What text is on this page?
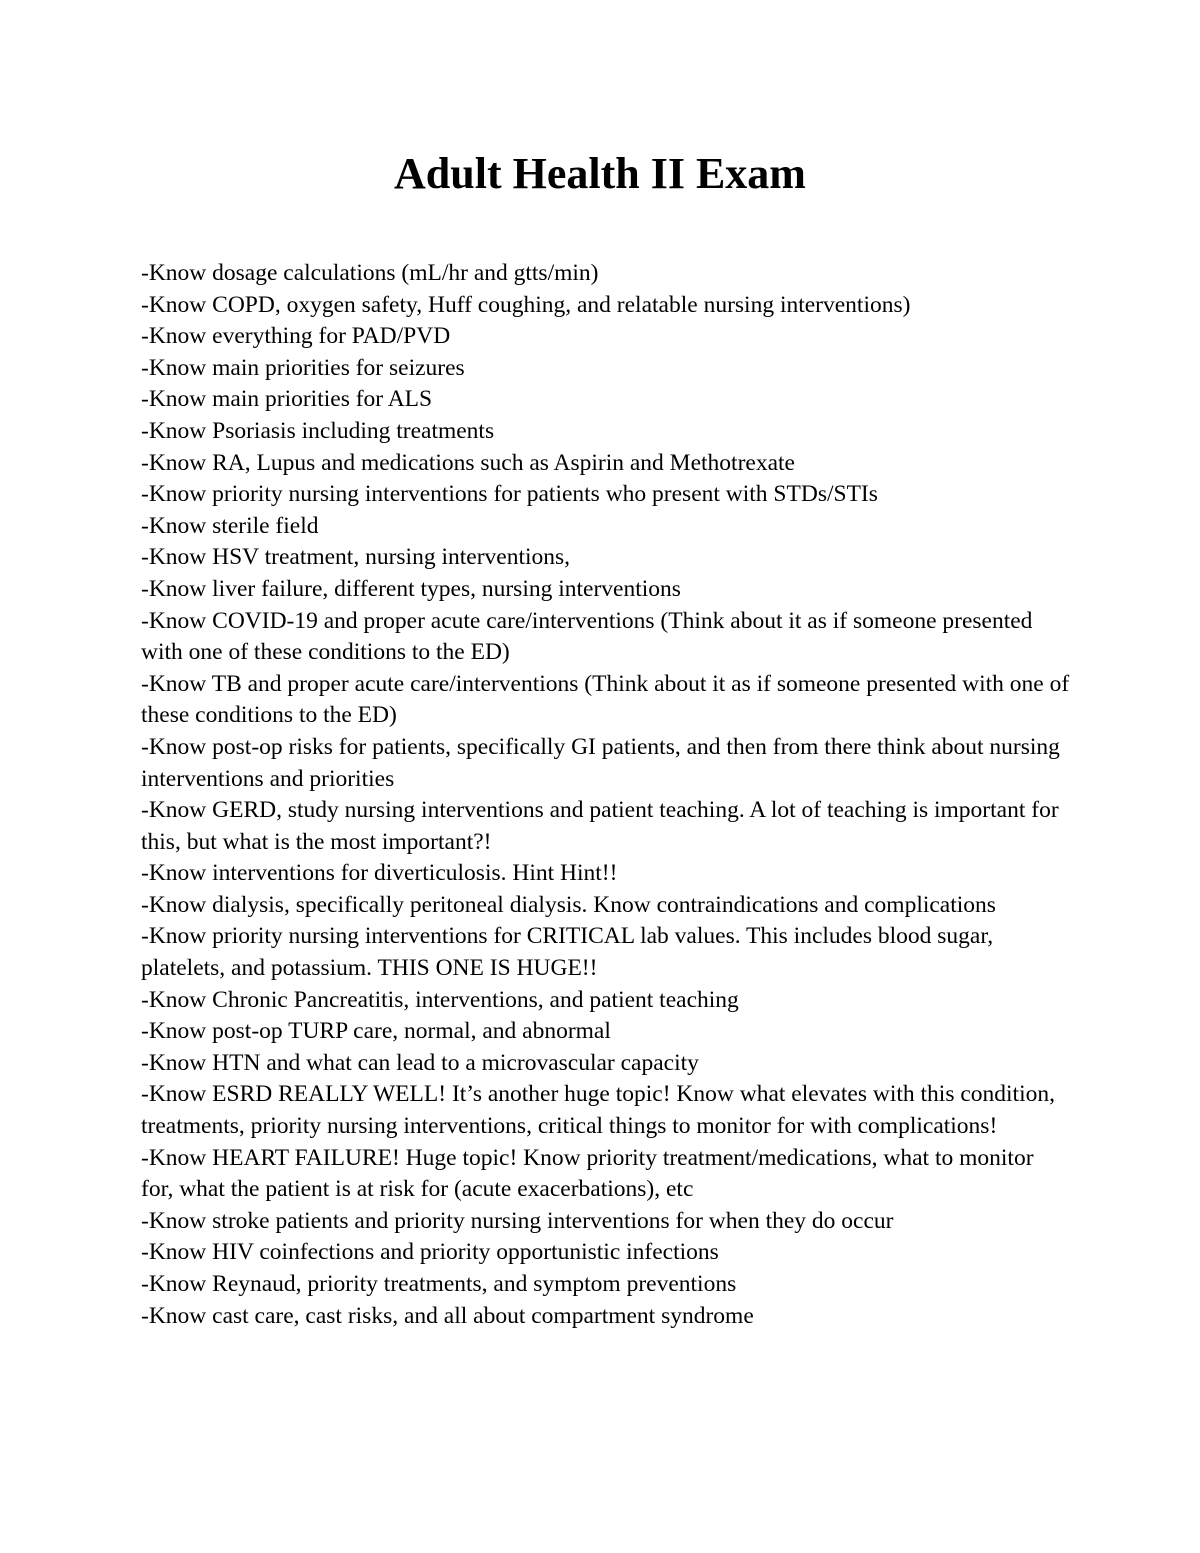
Adult Health II Exam
-Know dosage calculations (mL/hr and gtts/min)
-Know COPD, oxygen safety, Huff coughing, and relatable nursing interventions)
-Know everything for PAD/PVD
-Know main priorities for seizures
-Know main priorities for ALS
-Know Psoriasis including treatments
-Know RA, Lupus and medications such as Aspirin and Methotrexate
-Know priority nursing interventions for patients who present with STDs/STIs
-Know sterile field
-Know HSV treatment, nursing interventions,
-Know liver failure, different types, nursing interventions
-Know COVID-19 and proper acute care/interventions (Think about it as if someone presented with one of these conditions to the ED)
-Know TB and proper acute care/interventions (Think about it as if someone presented with one of these conditions to the ED)
-Know post-op risks for patients, specifically GI patients, and then from there think about nursing interventions and priorities
-Know GERD, study nursing interventions and patient teaching. A lot of teaching is important for this, but what is the most important?!
-Know interventions for diverticulosis. Hint Hint!!
-Know dialysis, specifically peritoneal dialysis. Know contraindications and complications
-Know priority nursing interventions for CRITICAL lab values. This includes blood sugar, platelets, and potassium. THIS ONE IS HUGE!!
-Know Chronic Pancreatitis, interventions, and patient teaching
-Know post-op TURP care, normal, and abnormal
-Know HTN and what can lead to a microvascular capacity
-Know ESRD REALLY WELL! It’s another huge topic! Know what elevates with this condition, treatments, priority nursing interventions, critical things to monitor for with complications!
-Know HEART FAILURE! Huge topic! Know priority treatment/medications, what to monitor for, what the patient is at risk for (acute exacerbations), etc
-Know stroke patients and priority nursing interventions for when they do occur
-Know HIV coinfections and priority opportunistic infections
-Know Reynaud, priority treatments, and symptom preventions
-Know cast care, cast risks, and all about compartment syndrome
